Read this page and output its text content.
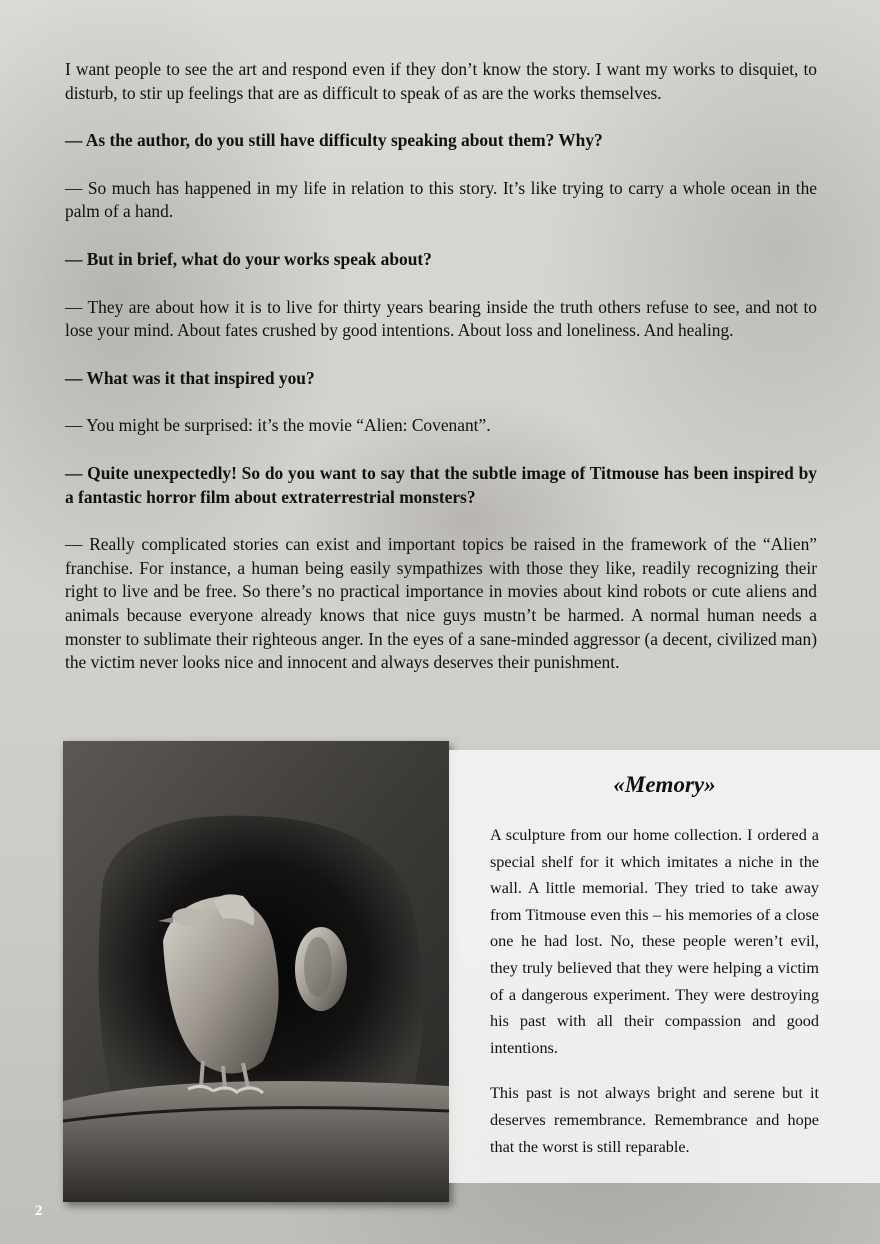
I want people to see the art and respond even if they don’t know the story. I want my works to disquiet, to disturb, to stir up feelings that are as difficult to speak of as are the works themselves.

— As the author, do you still have difficulty speaking about them? Why?

— So much has happened in my life in relation to this story. It’s like trying to carry a whole ocean in the palm of a hand.

— But in brief, what do your works speak about?

— They are about how it is to live for thirty years bearing inside the truth others refuse to see, and not to lose your mind. About fates crushed by good intentions. About loss and loneliness. And healing.

— What was it that inspired you?

— You might be surprised: it’s the movie “Alien: Covenant”.

— Quite unexpectedly! So do you want to say that the subtle image of Titmouse has been inspired by a fantastic horror film about extraterrestrial monsters?

— Really complicated stories can exist and important topics be raised in the framework of the “Alien” franchise. For instance, a human being easily sympathizes with those they like, readily recognizing their right to live and be free. So there’s no practical importance in movies about kind robots or cute aliens and animals because everyone already knows that nice guys mustn’t be harmed. A normal human needs a monster to sublimate their righteous anger. In the eyes of a sane-minded aggressor (a decent, civilized man) the victim never looks nice and innocent and always deserves their punishment.

«Memory»

A sculpture from our home collection. I ordered a special shelf for it which imitates a niche in the wall. A little memorial. They tried to take away from Titmouse even this – his memories of a close one he had lost. No, these people weren’t evil, they truly believed that they were helping a victim of a dangerous experiment. They were destroying his past with all their compassion and good intentions.

This past is not always bright and serene but it deserves remembrance. Remembrance and hope that the worst is still reparable.

2
